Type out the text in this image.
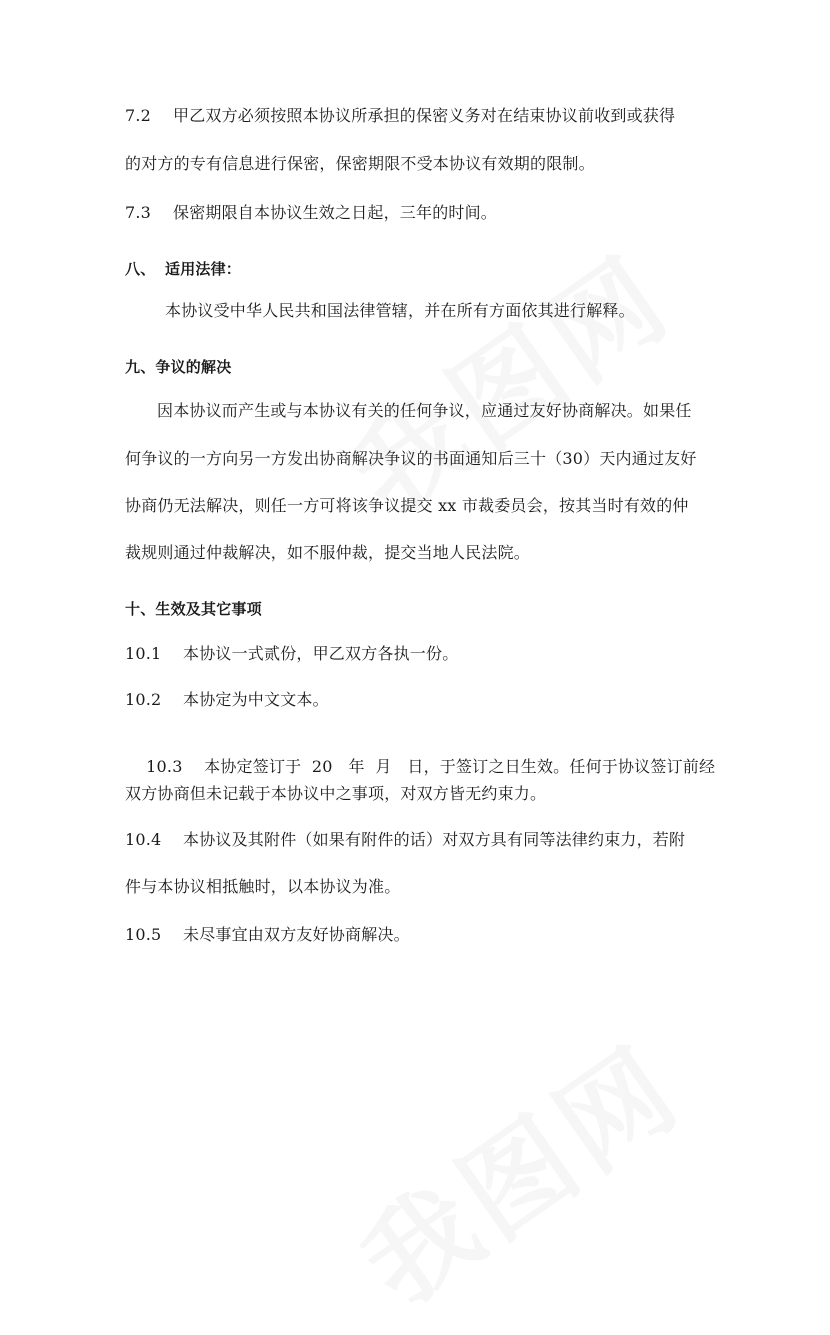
7.2 甲乙双方必须按照本协议所承担的保密义务对在结束协议前收到或获得
的对方的专有信息进行保密，保密期限不受本协议有效期的限制。
7.3 保密期限自本协议生效之日起，三年的时间。
八、 适用法律：
本协议受中华人民共和国法律管辖，并在所有方面依其进行解释。
九、争议的解决
因本协议而产生或与本协议有关的任何争议，应通过友好协商解决。如果任
何争议的一方向另一方发出协商解决争议的书面通知后三十（30）天内通过友好
协商仍无法解决，则任一方可将该争议提交 xx 市裁委员会，按其当时有效的仲
裁规则通过仲裁解决，如不服仲裁，提交当地人民法院。
十、生效及其它事项
10.1 本协议一式贰份，甲乙双方各执一份。
10.2 本协定为中文文本。

10.3 本协定签订于  20   年  月   日，于签订之日生效。任何于协议签订前经

双方协商但未记载于本协议中之事项，对双方皆无约束力。
10.4 本协议及其附件（如果有附件的话）对双方具有同等法律约束力，若附
件与本协议相抵触时，以本协议为准。
10.5 未尽事宜由双方友好协商解决。
